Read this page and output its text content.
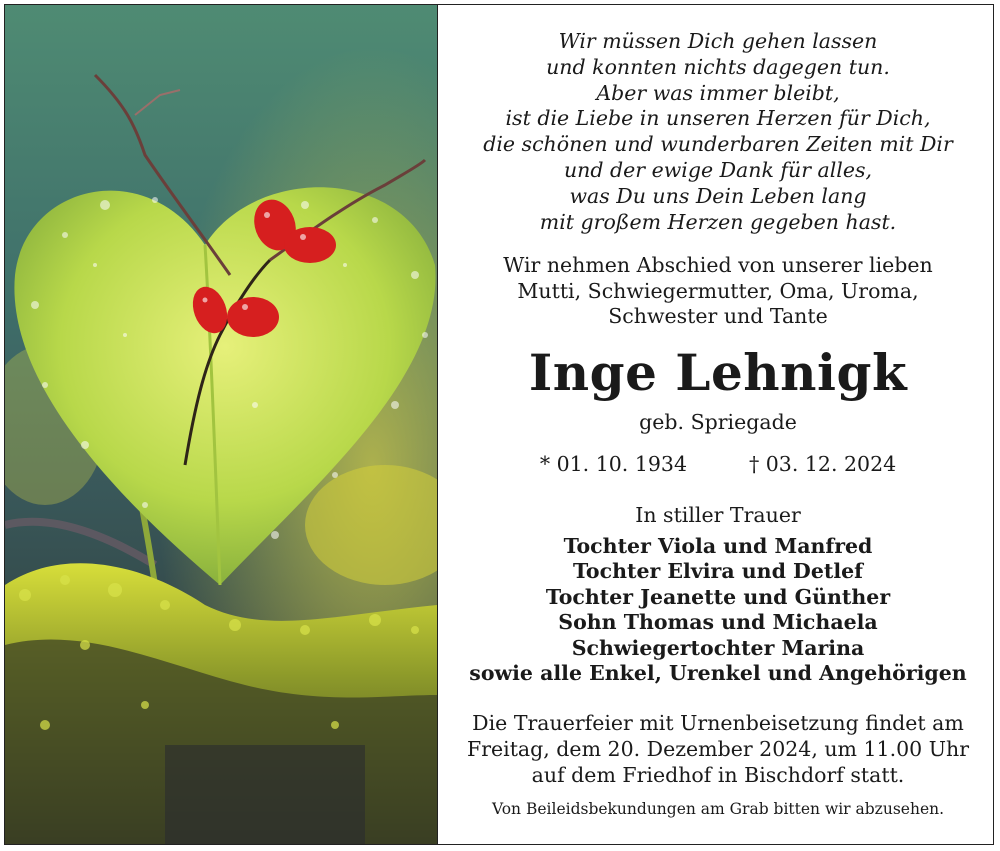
Wir müssen Dich gehen lassen
und konnten nichts dagegen tun.
Aber was immer bleibt,
ist die Liebe in unseren Herzen für Dich,
die schönen und wunderbaren Zeiten mit Dir
und der ewige Dank für alles,
was Du uns Dein Leben lang
mit großem Herzen gegeben hast.
Wir nehmen Abschied von unserer lieben
Mutti, Schwiegermutter, Oma, Uroma,
Schwester und Tante
Inge Lehnigk
geb. Spriegade
* 01. 10. 1934	† 03. 12. 2024
In stiller Trauer
Tochter Viola und Manfred
Tochter Elvira und Detlef
Tochter Jeanette und Günther
Sohn Thomas und Michaela
Schwiegertochter Marina
sowie alle Enkel, Urenkel und Angehörigen
Die Trauerfeier mit Urnenbeisetzung findet am
Freitag, dem 20. Dezember 2024, um 11.00 Uhr
auf dem Friedhof in Bischdorf statt.
Von Beileidsbekundungen am Grab bitten wir abzusehen.
